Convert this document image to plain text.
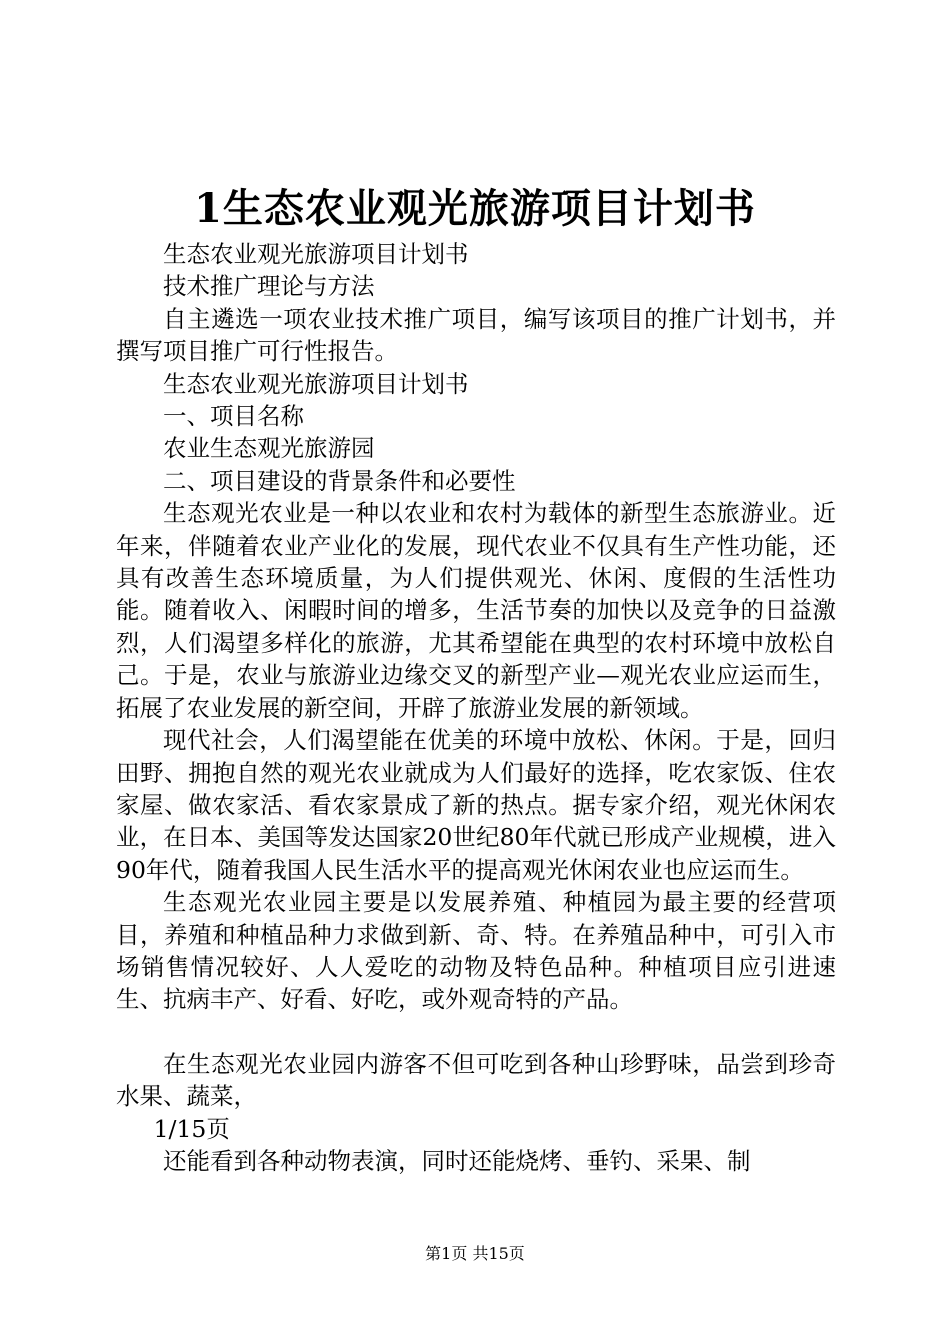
1生态农业观光旅游项目计划书

生态农业观光旅游项目计划书

技术推广理论与方法

自主遴选一项农业技术推广项目，编写该项目的推广计划书，并撰写项目推广可行性报告。

生态农业观光旅游项目计划书

一、项目名称

农业生态观光旅游园

二、项目建设的背景条件和必要性

生态观光农业是一种以农业和农村为载体的新型生态旅游业。近年来，伴随着农业产业化的发展，现代农业不仅具有生产性功能，还具有改善生态环境质量，为人们提供观光、休闲、度假的生活性功能。随着收入、闲暇时间的增多，生活节奏的加快以及竞争的日益激烈，人们渴望多样化的旅游，尤其希望能在典型的农村环境中放松自己。于是，农业与旅游业边缘交叉的新型产业—观光农业应运而生，拓展了农业发展的新空间，开辟了旅游业发展的新领域。

现代社会，人们渴望能在优美的环境中放松、休闲。于是，回归田野、拥抱自然的观光农业就成为人们最好的选择，吃农家饭、住农家屋、做农家活、看农家景成了新的热点。据专家介绍，观光休闲农业，在日本、美国等发达国家20世纪80年代就已形成产业规模，进入90年代，随着我国人民生活水平的提高观光休闲农业也应运而生。

生态观光农业园主要是以发展养殖、种植园为最主要的经营项目，养殖和种植品种力求做到新、奇、特。在养殖品种中，可引入市场销售情况较好、人人爱吃的动物及特色品种。种植项目应引进速生、抗病丰产、好看、好吃，或外观奇特的产品。

在生态观光农业园内游客不但可吃到各种山珍野味，品尝到珍奇水果、蔬菜，

1/15页

还能看到各种动物表演，同时还能烧烤、垂钓、采果、制

第1页 共15页
